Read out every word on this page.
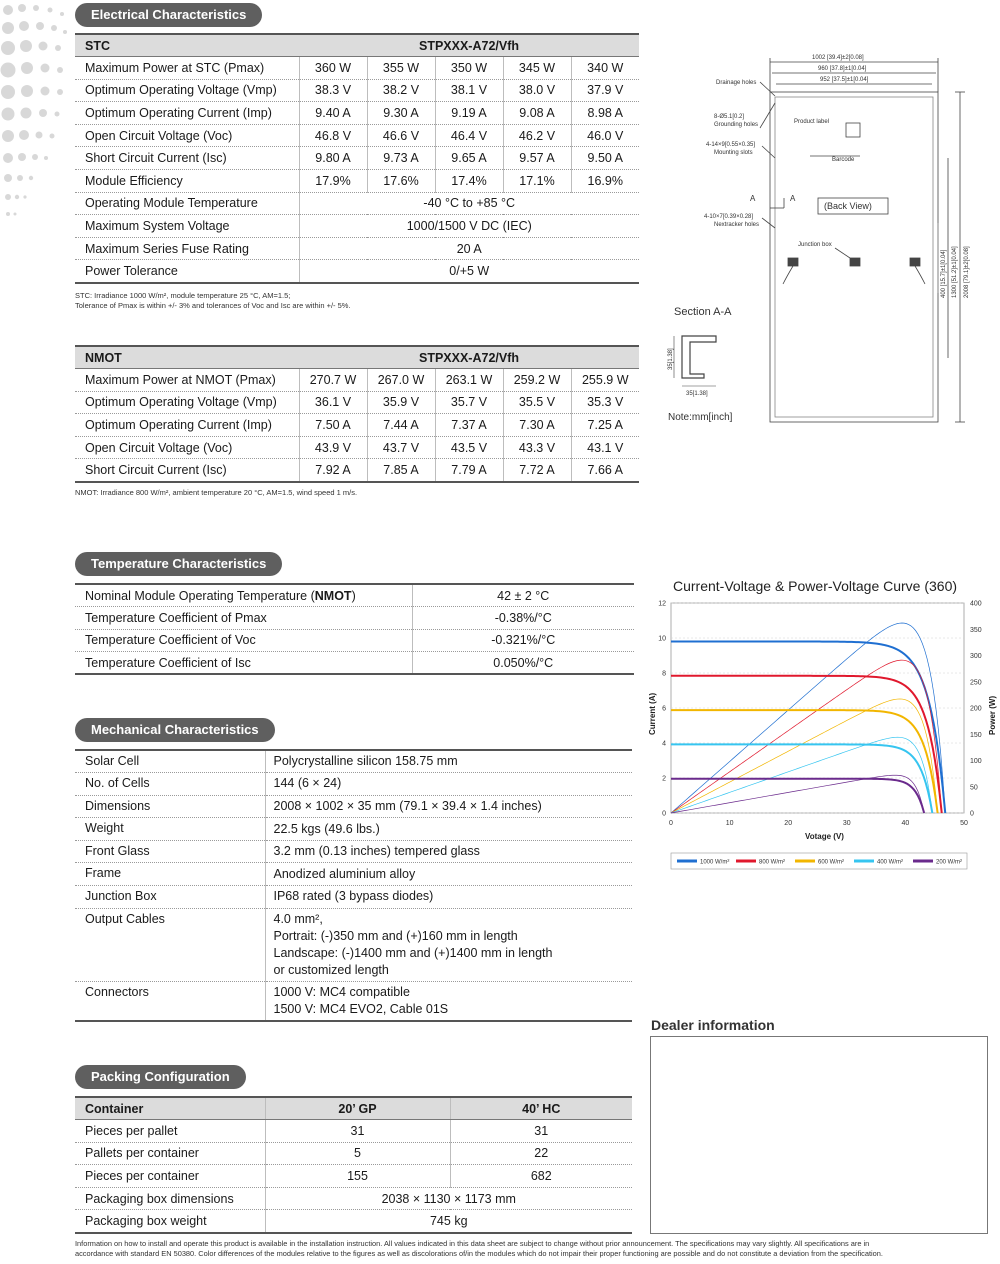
Electrical Characteristics
STC	STPXXX-A72/Vfh				
Maximum Power at STC (Pmax)	360 W	355 W	350 W	345 W	340 W
Optimum Operating Voltage (Vmp)	38.3 V	38.2 V	38.1 V	38.0 V	37.9 V
Optimum Operating Current (Imp)	9.40 A	9.30 A	9.19 A	9.08 A	8.98 A
Open Circuit Voltage (Voc)	46.8 V	46.6 V	46.4 V	46.2 V	46.0 V
Short Circuit Current (Isc)	9.80 A	9.73 A	9.65 A	9.57 A	9.50 A
Module Efficiency	17.9%	17.6%	17.4%	17.1%	16.9%
Operating Module Temperature	-40 °C to +85 °C				
Maximum System Voltage	1000/1500 V DC (IEC)				
Maximum Series Fuse Rating	20 A				
Power Tolerance	0/+5 W				
STC: Irradiance 1000 W/m², module temperature 25 °C, AM=1.5;
Tolerance of Pmax is within +/- 3% and tolerances of Voc and Isc are within +/- 5%.
NMOT	STPXXX-A72/Vfh				
Maximum Power at NMOT (Pmax)	270.7 W	267.0 W	263.1 W	259.2 W	255.9 W
Optimum Operating Voltage (Vmp)	36.1 V	35.9 V	35.7 V	35.5 V	35.3 V
Optimum Operating Current (Imp)	7.50 A	7.44 A	7.37 A	7.30 A	7.25 A
Open Circuit Voltage (Voc)	43.9 V	43.7 V	43.5 V	43.3 V	43.1 V
Short Circuit Current (Isc)	7.92 A	7.85 A	7.79 A	7.72 A	7.66 A
NMOT: Irradiance 800 W/m², ambient temperature 20 °C, AM=1.5, wind speed 1 m/s.
1002 [39.4]±2[0.08]
960 [37.8]±1[0.04]
952 [37.5]±1[0.04]
Drainage holes
8-Ø5.1[0.2]
Grounding holes	Product label
4-14×9[0.55×0.35]
Mounting slots
Barcode
A	A
(Back View)
4-10×7[0.39×0.28]
Nextracker holes
Junction box
400 [15.7]±1[0.04] 1300 [51.2]±1[0.04] 2008 [79.1]±2[0.08]
Section A-A
Note:mm[inch]
35[1.38]
35[1.38]
Temperature Characteristics
Nominal Module Operating Temperature (NMOT)	42 ± 2 °C
Temperature Coefficient of Pmax	-0.38%/°C
Temperature Coefficient of Voc	-0.321%/°C
Temperature Coefficient of Isc	0.050%/°C
Current-Voltage & Power-Voltage Curve (360)
0
2
4
6
8
10
12
0
50
100
150
200
250
300
350
400
0	10	20	30	40	50
Current (A)	Power (W)
Votage (V)
1000 W/m²	800 W/m²	600 W/m²	400 W/m²	200 W/m²
Mechanical Characteristics
Solar Cell	Polycrystalline silicon 158.75 mm

No. of Cells	144 (6 × 24)

Dimensions	2008 × 1002 × 35 mm (79.1 × 39.4 × 1.4 inches)

Weight	22.5 kgs (49.6 lbs.)

Front Glass	3.2 mm (0.13 inches) tempered glass

Frame	Anodized aluminium alloy

Junction Box	IP68 rated (3 bypass diodes)

Output Cables	4.0 mm²,
Portrait: (-)350 mm and (+)160 mm in length
Landscape: (-)1400 mm and (+)1400 mm in length
or customized length

Connectors	1000 V: MC4 compatible
1500 V: MC4 EVO2, Cable 01S
Dealer information
Packing Configuration
Container	20’ GP	40’ HC
Pieces per pallet	31	31
Pallets per container	5	22
Pieces per container	155	682
Packaging box dimensions	2038 × 1130 × 1173 mm	
Packaging box weight	745 kg	
Information on how to install and operate this product is available in the installation instruction. All values indicated in this data sheet are subject to change without prior announcement. The specifications may vary slightly. All specifications are in
accordance with standard EN 50380. Color differences of the modules relative to the figures as well as discolorations of/in the modules which do not impair their proper functioning are possible and do not constitute a deviation from the specification.
